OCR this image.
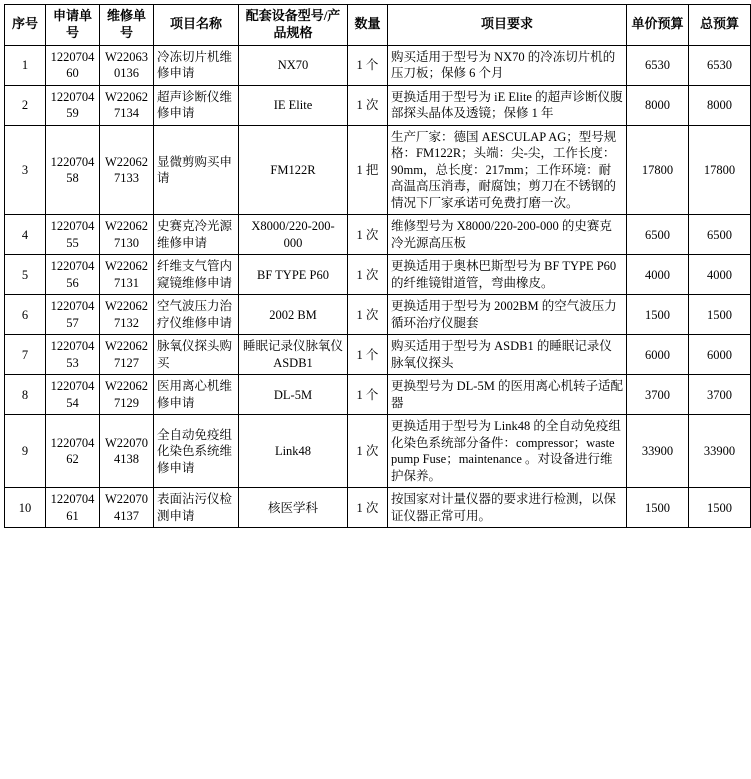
序号	申请单号	维修单号	项目名称	配套设备型号/产品规格	数量	项目要求	单价预算	总预算
1	122070460	W220630136	冷冻切片机维修申请	NX70	1 个	购买适用于型号为 NX70 的冷冻切片机的压刀板；保修 6 个月	6530	6530
2	122070459	W220627134	超声诊断仪维修申请	IE Elite	1 次	更换适用于型号为 iE Elite 的超声诊断仪腹部探头晶体及透镜；保修 1 年	8000	8000
3	122070458	W220627133	显微剪购买申请	FM122R	1 把	生产厂家：德国 AESCULAP AG；型号规格：FM122R；头端：尖-尖，工作长度：90mm，总长度：217mm；工作环境：耐高温高压消毒，耐腐蚀；剪刀在不锈钢的情况下厂家承诺可免费打磨一次。	17800	17800
4	122070455	W220627130	史赛克冷光源维修申请	X8000/220-200-000	1 次	维修型号为 X8000/220-200-000 的史赛克冷光源高压板	6500	6500
5	122070456	W220627131	纤维支气管内窥镜维修申请	BF TYPE P60	1 次	更换适用于奥林巴斯型号为 BF TYPE P60 的纤维镜钳道管，弯曲橡皮。	4000	4000
6	122070457	W220627132	空气波压力治疗仪维修申请	2002 BM	1 次	更换适用于型号为 2002BM 的空气波压力循环治疗仪腿套	1500	1500
7	122070453	W220627127	脉氧仪探头购买	睡眠记录仪脉氧仪 ASDB1	1 个	购买适用于型号为 ASDB1 的睡眠记录仪脉氧仪探头	6000	6000
8	122070454	W220627129	医用离心机维修申请	DL-5M	1 个	更换型号为 DL-5M 的医用离心机转子适配器	3700	3700
9	122070462	W220704138	全自动免疫组化染色系统维修申请	Link48	1 次	更换适用于型号为 Link48 的全自动免疫组化染色系统部分备件：compressor；waste pump Fuse；maintenance 。对设备进行维护保养。	33900	33900
10	122070461	W220704137	表面沾污仪检测申请	核医学科	1 次	按国家对计量仪器的要求进行检测，以保证仪器正常可用。	1500	1500
